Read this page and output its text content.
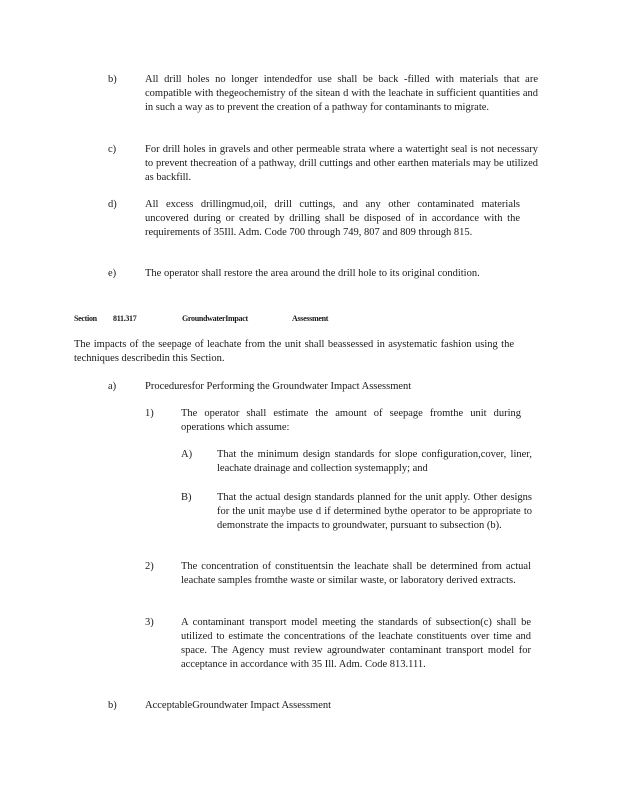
b)	All drill holes no longer intendedfor use shall be back -filled with materials that are compatible with thegeochemistry of the sitean d with the leachate in sufficient quantities and in such a way as to prevent the creation of a pathway for contaminants to migrate.
c)	For drill holes in gravels and other permeable strata where a watertight seal is not necessary to prevent thecreation of a pathway, drill cuttings and other earthen materials may be utilized as backfill.
d)	All excess drillingmud,oil, drill cuttings, and any other contaminated materials uncovered during or created by drilling shall be disposed of in accordance with the requirements of 35Ill. Adm. Code 700 through 749, 807 and 809 through 815.
e)	The operator shall restore the area around the drill hole to its original condition.
Section 811.317	GroundwaterImpact	Assessment
The impacts of the seepage of leachate from the unit shall beassessed in asystematic fashion using the techniques describedin this Section.
a)	Proceduresfor Performing the Groundwater Impact Assessment
1)	The operator shall estimate the amount of seepage fromthe unit during operations which assume:
A) That the minimum design standards for slope configuration,cover, liner, leachate drainage and collection systemapply; and
B) That the actual design standards planned for the unit apply. Other designs for the unit maybe use d if determined bythe operator to be appropriate to demonstrate the impacts to groundwater, pursuant to subsection (b).
2)	The concentration of constituentsin the leachate shall be determined from actual leachate samples fromthe waste or similar waste, or laboratory derived extracts.
3)	A contaminant transport model meeting the standards of subsection(c) shall be utilized to estimate the concentrations of the leachate constituents over time and space. The Agency must review agroundwater contaminant transport model for acceptance in accordance with 35 Ill. Adm. Code 813.111.
b)	AcceptableGroundwater Impact Assessment
